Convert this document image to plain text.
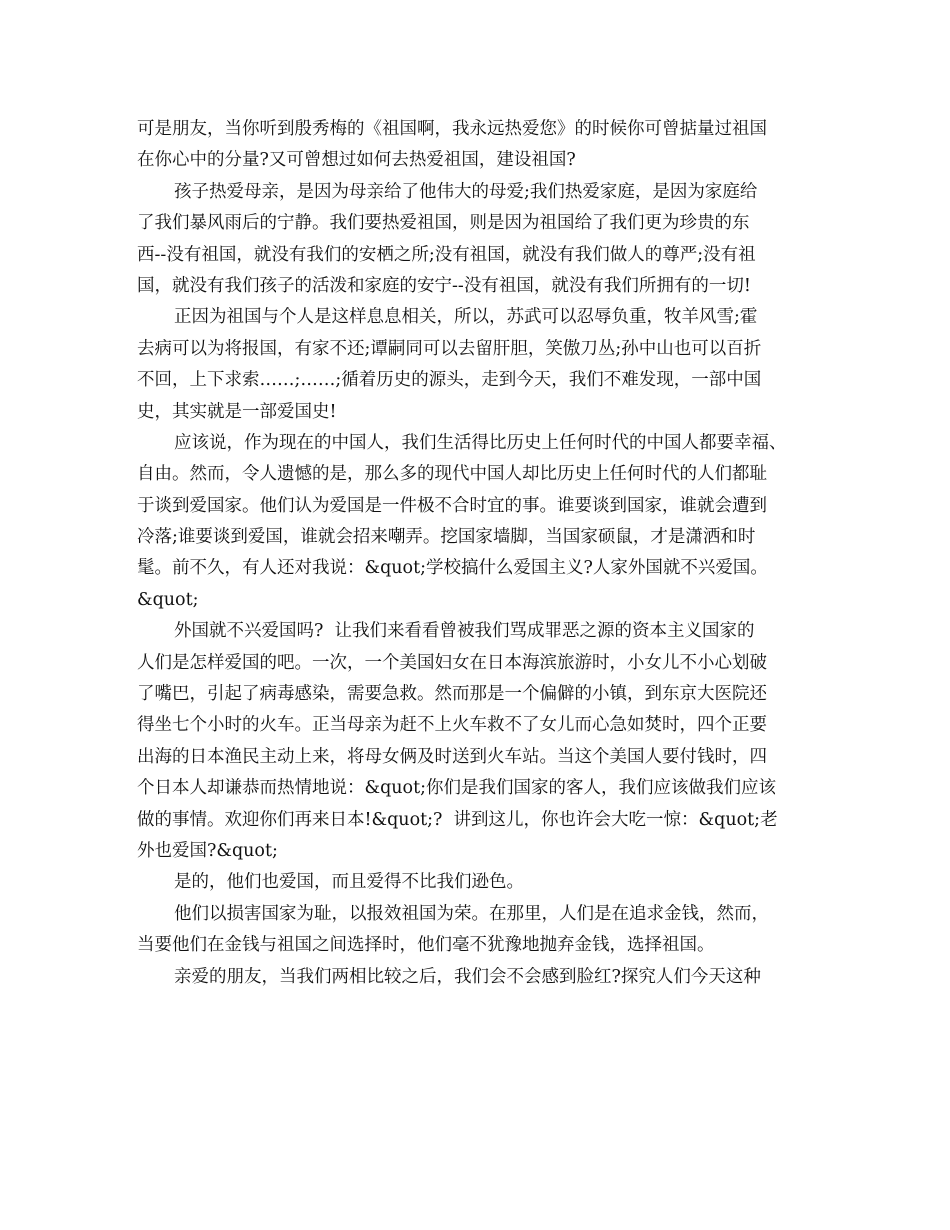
可是朋友，当你听到殷秀梅的《祖国啊，我永远热爱您》的时候你可曾掂量过祖国
在你心中的分量?又可曾想过如何去热爱祖国，建设祖国?
孩子热爱母亲，是因为母亲给了他伟大的母爱;我们热爱家庭，是因为家庭给
了我们暴风雨后的宁静。我们要热爱祖国，则是因为祖国给了我们更为珍贵的东
西--没有祖国，就没有我们的安栖之所;没有祖国，就没有我们做人的尊严;没有祖
国，就没有我们孩子的活泼和家庭的安宁--没有祖国，就没有我们所拥有的一切!
正因为祖国与个人是这样息息相关，所以，苏武可以忍辱负重，牧羊风雪;霍
去病可以为将报国，有家不还;谭嗣同可以去留肝胆，笑傲刀丛;孙中山也可以百折
不回，上下求索……;……;循着历史的源头，走到今天，我们不难发现，一部中国
史，其实就是一部爱国史!
应该说，作为现在的中国人，我们生活得比历史上任何时代的中国人都要幸福、
自由。然而，令人遗憾的是，那么多的现代中国人却比历史上任何时代的人们都耻
于谈到爱国家。他们认为爱国是一件极不合时宜的事。谁要谈到国家，谁就会遭到
冷落;谁要谈到爱国，谁就会招来嘲弄。挖国家墙脚，当国家硕鼠，才是潇洒和时
髦。前不久，有人还对我说：&quot;学校搞什么爱国主义?人家外国就不兴爱国。
&quot;
外国就不兴爱国吗?  让我们来看看曾被我们骂成罪恶之源的资本主义国家的
人们是怎样爱国的吧。一次，一个美国妇女在日本海滨旅游时，小女儿不小心划破
了嘴巴，引起了病毒感染，需要急救。然而那是一个偏僻的小镇，到东京大医院还
得坐七个小时的火车。正当母亲为赶不上火车救不了女儿而心急如焚时，四个正要
出海的日本渔民主动上来，将母女俩及时送到火车站。当这个美国人要付钱时，四
个日本人却谦恭而热情地说：&quot;你们是我们国家的客人，我们应该做我们应该
做的事情。欢迎你们再来日本!&quot;?  讲到这儿，你也许会大吃一惊：&quot;老
外也爱国?&quot;
是的，他们也爱国，而且爱得不比我们逊色。
他们以损害国家为耻，以报效祖国为荣。在那里，人们是在追求金钱，然而，
当要他们在金钱与祖国之间选择时，他们毫不犹豫地抛弃金钱，选择祖国。
亲爱的朋友，当我们两相比较之后，我们会不会感到脸红?探究人们今天这种
